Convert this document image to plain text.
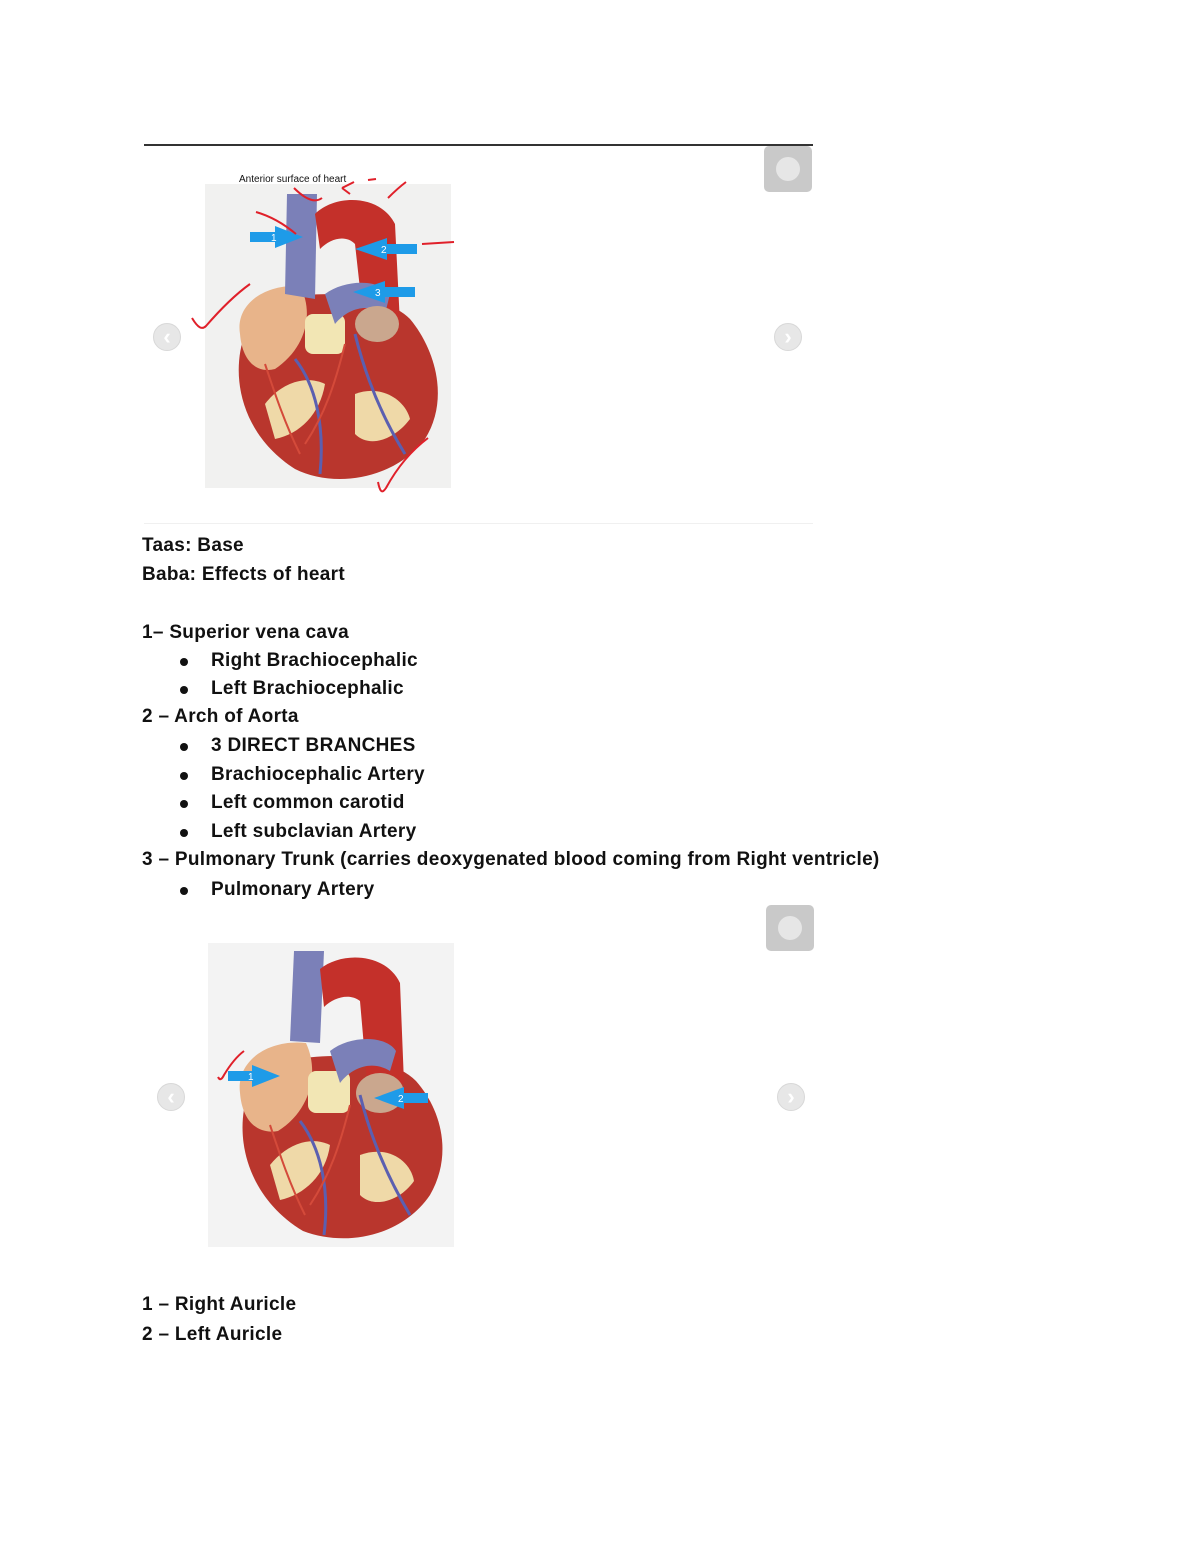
‹	›
1
2
3
Anterior surface of heart
Taas: Base
Baba: Effects of heart
1– Superior vena cava
Right Brachiocephalic
Left Brachiocephalic
2 – Arch of Aorta
3 DIRECT BRANCHES
Brachiocephalic Artery
Left common carotid
Left subclavian Artery
3 – Pulmonary Trunk (carries deoxygenated blood coming from Right ventricle)
Pulmonary Artery
‹	›
1
2
1 – Right Auricle
2 – Left Auricle
